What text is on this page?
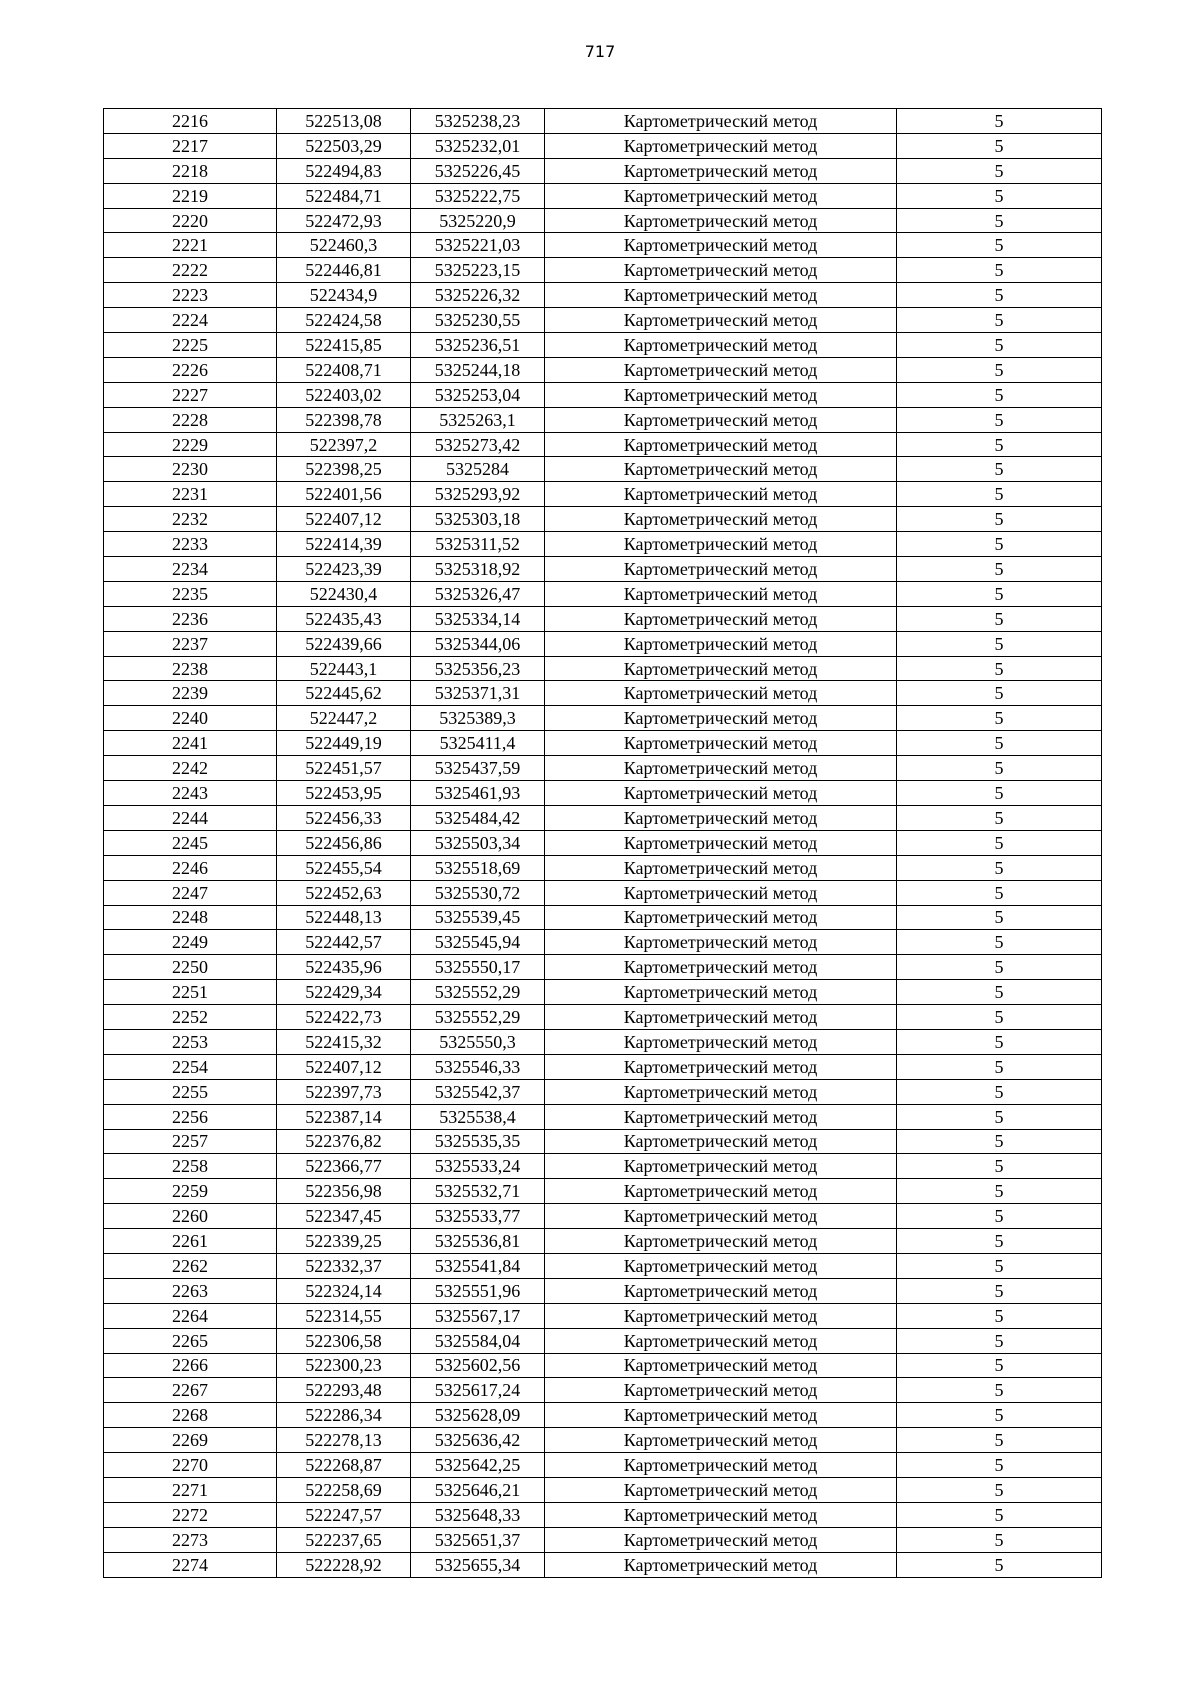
717
2216	522513,08	5325238,23	Картометрический метод	5
2217	522503,29	5325232,01	Картометрический метод	5
2218	522494,83	5325226,45	Картометрический метод	5
2219	522484,71	5325222,75	Картометрический метод	5
2220	522472,93	5325220,9	Картометрический метод	5
2221	522460,3	5325221,03	Картометрический метод	5
2222	522446,81	5325223,15	Картометрический метод	5
2223	522434,9	5325226,32	Картометрический метод	5
2224	522424,58	5325230,55	Картометрический метод	5
2225	522415,85	5325236,51	Картометрический метод	5
2226	522408,71	5325244,18	Картометрический метод	5
2227	522403,02	5325253,04	Картометрический метод	5
2228	522398,78	5325263,1	Картометрический метод	5
2229	522397,2	5325273,42	Картометрический метод	5
2230	522398,25	5325284	Картометрический метод	5
2231	522401,56	5325293,92	Картометрический метод	5
2232	522407,12	5325303,18	Картометрический метод	5
2233	522414,39	5325311,52	Картометрический метод	5
2234	522423,39	5325318,92	Картометрический метод	5
2235	522430,4	5325326,47	Картометрический метод	5
2236	522435,43	5325334,14	Картометрический метод	5
2237	522439,66	5325344,06	Картометрический метод	5
2238	522443,1	5325356,23	Картометрический метод	5
2239	522445,62	5325371,31	Картометрический метод	5
2240	522447,2	5325389,3	Картометрический метод	5
2241	522449,19	5325411,4	Картометрический метод	5
2242	522451,57	5325437,59	Картометрический метод	5
2243	522453,95	5325461,93	Картометрический метод	5
2244	522456,33	5325484,42	Картометрический метод	5
2245	522456,86	5325503,34	Картометрический метод	5
2246	522455,54	5325518,69	Картометрический метод	5
2247	522452,63	5325530,72	Картометрический метод	5
2248	522448,13	5325539,45	Картометрический метод	5
2249	522442,57	5325545,94	Картометрический метод	5
2250	522435,96	5325550,17	Картометрический метод	5
2251	522429,34	5325552,29	Картометрический метод	5
2252	522422,73	5325552,29	Картометрический метод	5
2253	522415,32	5325550,3	Картометрический метод	5
2254	522407,12	5325546,33	Картометрический метод	5
2255	522397,73	5325542,37	Картометрический метод	5
2256	522387,14	5325538,4	Картометрический метод	5
2257	522376,82	5325535,35	Картометрический метод	5
2258	522366,77	5325533,24	Картометрический метод	5
2259	522356,98	5325532,71	Картометрический метод	5
2260	522347,45	5325533,77	Картометрический метод	5
2261	522339,25	5325536,81	Картометрический метод	5
2262	522332,37	5325541,84	Картометрический метод	5
2263	522324,14	5325551,96	Картометрический метод	5
2264	522314,55	5325567,17	Картометрический метод	5
2265	522306,58	5325584,04	Картометрический метод	5
2266	522300,23	5325602,56	Картометрический метод	5
2267	522293,48	5325617,24	Картометрический метод	5
2268	522286,34	5325628,09	Картометрический метод	5
2269	522278,13	5325636,42	Картометрический метод	5
2270	522268,87	5325642,25	Картометрический метод	5
2271	522258,69	5325646,21	Картометрический метод	5
2272	522247,57	5325648,33	Картометрический метод	5
2273	522237,65	5325651,37	Картометрический метод	5
2274	522228,92	5325655,34	Картометрический метод	5
